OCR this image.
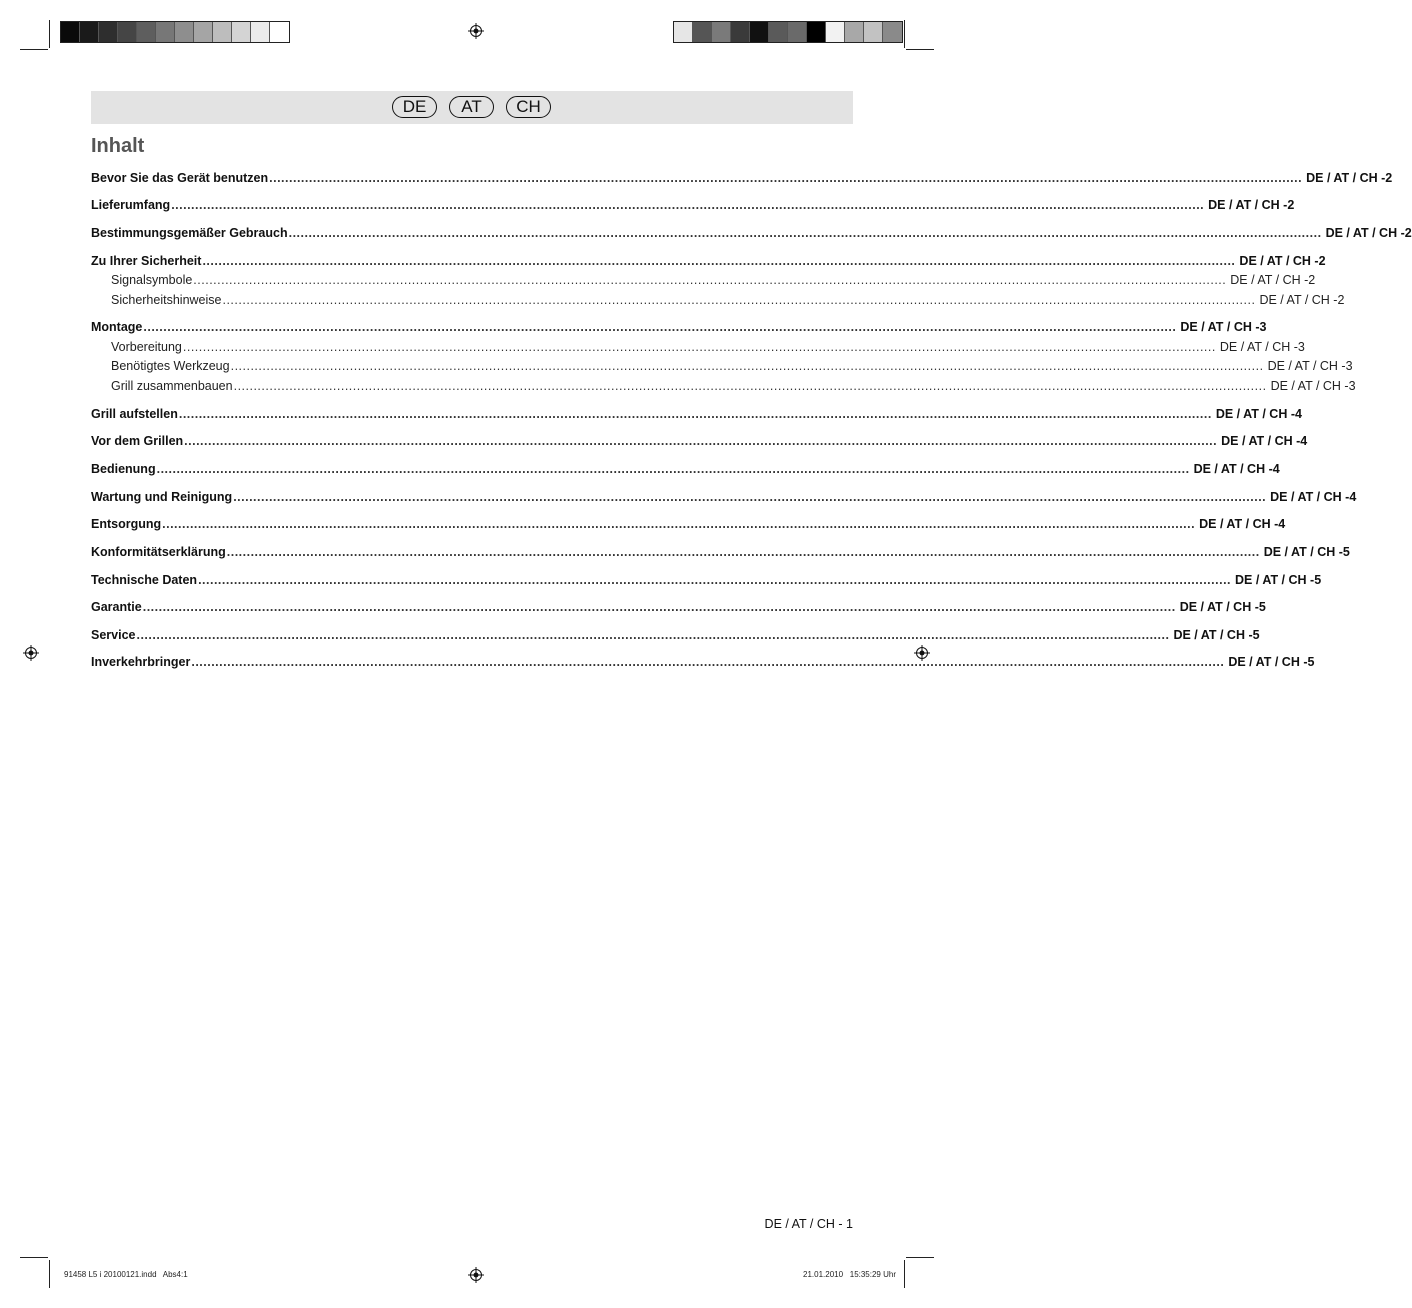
DE	AT	CH
Inhalt
Bevor Sie das Gerät benutzen .................................................................................................................................................................................................................................................................... DE / AT / CH -2
Lieferumfang .................................................................................................................................................................................................................................................................... DE / AT / CH -2
Bestimmungsgemäßer Gebrauch .................................................................................................................................................................................................................................................................... DE / AT / CH -2
Zu Ihrer Sicherheit .................................................................................................................................................................................................................................................................... DE / AT / CH -2
Signalsymbole .................................................................................................................................................................................................................................................................... DE / AT / CH -2
Sicherheitshinweise .................................................................................................................................................................................................................................................................... DE / AT / CH -2
Montage .................................................................................................................................................................................................................................................................... DE / AT / CH -3
Vorbereitung .................................................................................................................................................................................................................................................................... DE / AT / CH -3
Benötigtes Werkzeug .................................................................................................................................................................................................................................................................... DE / AT / CH -3
Grill zusammenbauen .................................................................................................................................................................................................................................................................... DE / AT / CH -3
Grill aufstellen .................................................................................................................................................................................................................................................................... DE / AT / CH -4
Vor dem Grillen .................................................................................................................................................................................................................................................................... DE / AT / CH -4
Bedienung .................................................................................................................................................................................................................................................................... DE / AT / CH -4
Wartung und Reinigung .................................................................................................................................................................................................................................................................... DE / AT / CH -4
Entsorgung .................................................................................................................................................................................................................................................................... DE / AT / CH -4
Konformitätserklärung .................................................................................................................................................................................................................................................................... DE / AT / CH -5
Technische Daten .................................................................................................................................................................................................................................................................... DE / AT / CH -5
Garantie .................................................................................................................................................................................................................................................................... DE / AT / CH -5
Service .................................................................................................................................................................................................................................................................... DE / AT / CH -5
Inverkehrbringer .................................................................................................................................................................................................................................................................... DE / AT / CH -5
DE / AT / CH - 1
91458 L5 i 20100121.indd   Abs4:1	21.01.2010   15:35:29 Uhr
